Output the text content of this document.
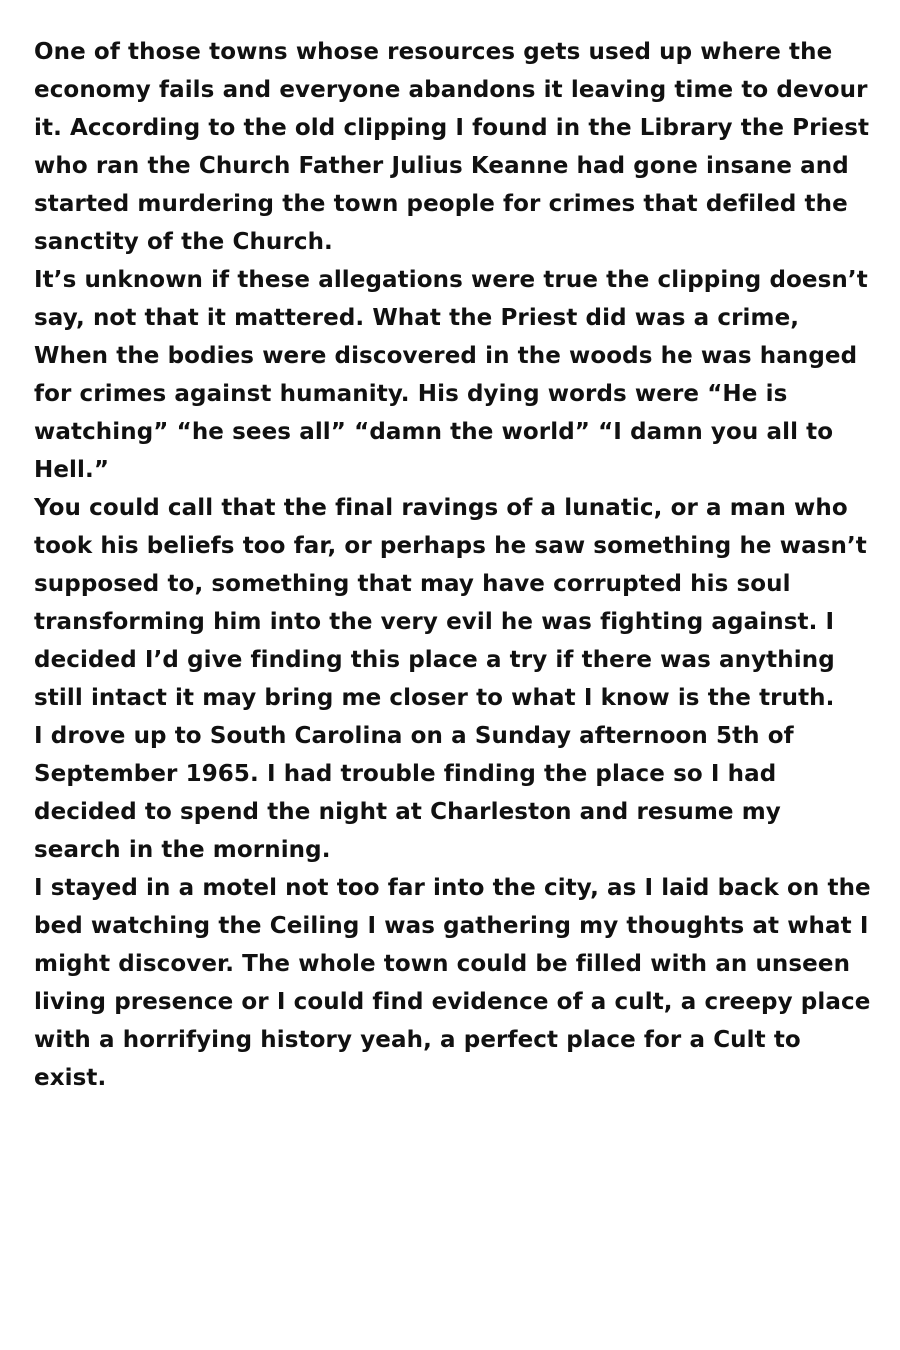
One of those towns whose resources gets used up where the economy fails and everyone abandons it leaving time to devour it. According to the old clipping I found in the Library the Priest who ran the Church Father Julius Keanne had gone insane and started murdering the town people for crimes that defiled the sanctity of the Church.

It’s unknown if these allegations were true the clipping doesn’t say, not that it mattered. What the Priest did was a crime, When the bodies were discovered in the woods he was hanged for crimes against humanity. His dying words were “He is watching” “he sees all” “damn the world” “I damn you all to Hell.”

You could call that the final ravings of a lunatic, or a man who took his beliefs too far, or perhaps he saw something he wasn’t supposed to, something that may have corrupted his soul transforming him into the very evil he was fighting against. I decided I’d give finding this place a try if there was anything still intact it may bring me closer to what I know is the truth.

I drove up to South Carolina on a Sunday afternoon 5th of September 1965. I had trouble finding the place so I had decided to spend the night at Charleston and resume my search in the morning.

I stayed in a motel not too far into the city, as I laid back on the bed watching the Ceiling I was gathering my thoughts at what I might discover. The whole town could be filled with an unseen living presence or I could find evidence of a cult, a creepy place with a horrifying history yeah, a perfect place for a Cult to exist.
